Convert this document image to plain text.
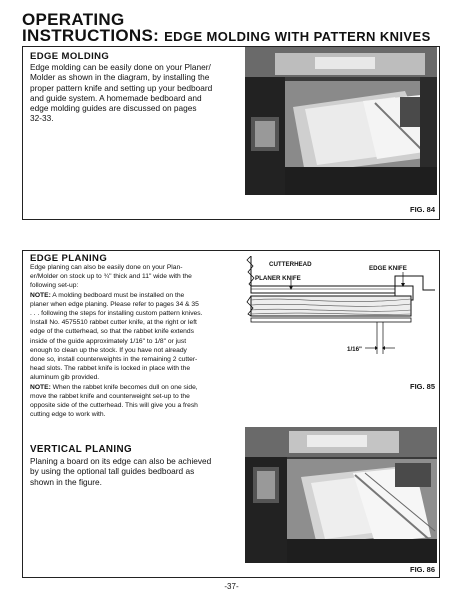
OPERATING
INSTRUCTIONS: EDGE MOLDING WITH PATTERN KNIVES
EDGE MOLDING
Edge molding can be easily done on your Planer/
Molder as shown in the diagram, by installing the
proper pattern knife and setting up your bedboard
and guide system. A homemade bedboard and
edge molding guides are discussed on pages
32-33.
FIG. 84
EDGE PLANING
Edge planing can also be easily done on your Plan-
er/Molder on stock up to ¾" thick and 11" wide with the
following set-up:
NOTE: A molding bedboard must be installed on the
planer when edge planing. Please refer to pages 34 & 35
. . . following the steps for installing custom pattern knives.
Install No. 4575510 rabbet cutter knife, at the right or left
edge of the cutterhead, so that the rabbet knife extends
inside of the guide approximately 1/16" to 1/8" or just
enough to clean up the stock. If you have not already
done so, install counterweights in the remaining 2 cutter-
head slots. The rabbet knife is locked in place with the
aluminum gib provided.
NOTE: When the rabbet knife becomes dull on one side,
move the rabbet knife and counterweight set-up to the
opposite side of the cutterhead. This will give you a fresh
cutting edge to work with.
CUTTERHEAD
EDGE KNIFE
PLANER KNIFE
1/16"
FIG. 85
VERTICAL PLANING
Planing a board on its edge can also be achieved
by using the optional tall guides bedboard as
shown in the figure.
FIG. 86
-37-
